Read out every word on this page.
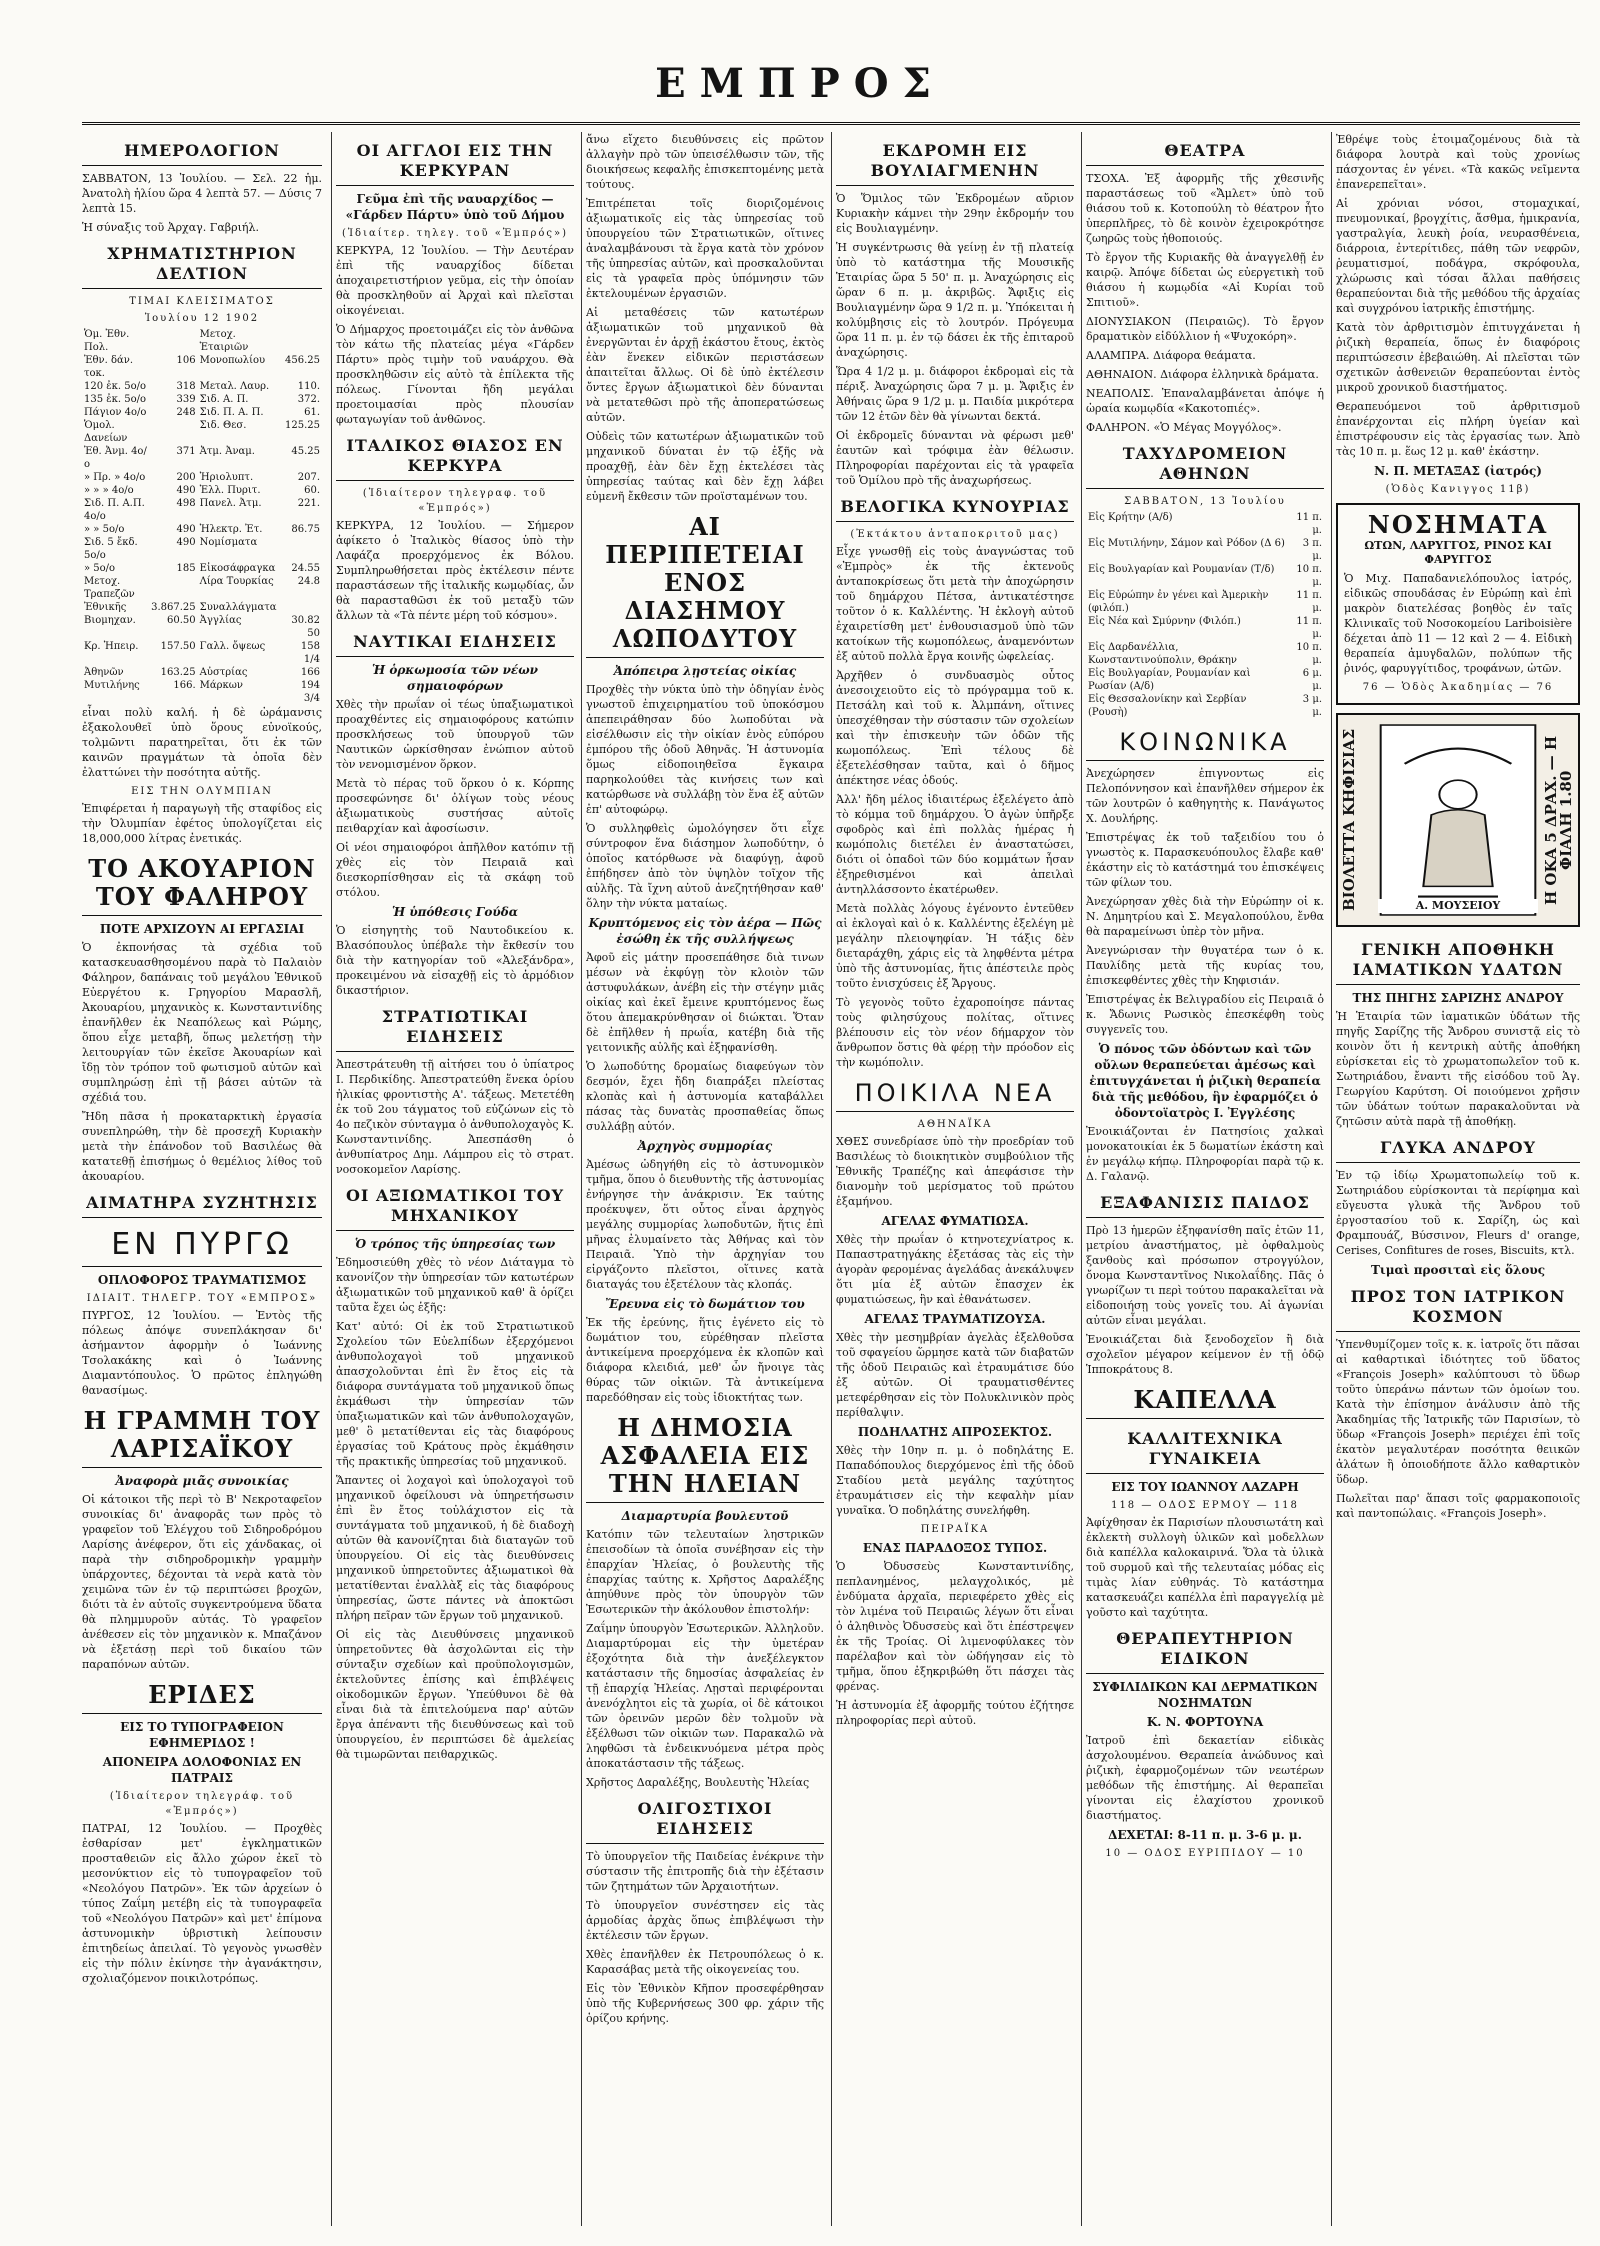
ΕΜΠΡΟΣ
ΗΜΕΡΟΛΟΓΙΟΝ

ΣΑΒΒΑΤΟΝ, 13 Ἰουλίου. — Σελ. 22 ἡμ. Ἀνατολὴ ἡλίου ὥρα 4 λεπτὰ 57. — Δύσις 7 λεπτὰ 15.

Ἡ σύναξις τοῦ Ἀρχαγ. Γαβριήλ.

ΧΡΗΜΑΤΙΣΤΗΡΙΟΝ ΔΕΛΤΙΟΝ
ΤΙΜΑΙ ΚΛΕΙΣΙΜΑΤΟΣ
Ἰουλίου 12 1902
Ὁμ. Ἐθν. Πολ.		Μετοχ. Ἑταιριῶν	
Ἐθν. δάν. τοκ.	106	Μονοπωλίου	456.25
120 ἐκ. 5ο/ο	318	Μεταλ. Λαυρ.	110.
135 ἐκ. 5ο/ο	339	Σιδ. Α. Π.	372.
Πάγιον 4ο/ο	248	Σιδ. Π. Α. Π.	61.
Ὁμολ. Δανείων		Σιδ. Θεσ.	125.25
Ἐθ. Ἀνμ. 4ο/ο	371	Ἀτμ. Ἀναμ.	45.25
» Πρ. » 4ο/ο	200	Ἠριολυπτ.	207.
» » » 4ο/ο	490	Ἐλλ. Πυριτ.	60.
Σιδ. Π. Α.Π. 4ο/ο	498	Πανελ. Ἀτμ.	221.
» » 5ο/ο	490	Ἠλεκτρ. Ἐτ.	86.75
Σιδ. 5 ἔκδ. 5ο/ο	490	Νομίσματα	
» 5ο/ο	185	Εἰκοσάφραγκα	24.55
Μετοχ. Τραπεζῶν		Λίρα Τουρκίας	24.8
Ἐθνικῆς	3.867.25	Συναλλάγματα	
Βιομηχαν.	60.50	Ἀγγλίας	30.82 50
Κρ. Ἠπειρ.	157.50	Γαλλ. ὄψεως	158 1/4
Ἀθηνῶν	163.25	Αὐστρίας	166
Μυτιλήνης	166.	Μάρκων	194 3/4

εἶναι πολὺ καλή. ἡ δὲ ὡράμανσις ἐξακολουθεῖ ὑπὸ ὅρους εὐνοϊκούς, τολμῶντι παρατηρεῖται, ὅτι ἐκ τῶν καινῶν πραγμάτων τὰ ὁποῖα δὲν ἐλαττώνει τὴν ποσότητα αὐτῆς.

ΕΙΣ ΤΗΝ ΟΛΥΜΠΙΑΝ

Ἐπιφέρεται ἡ παραγωγὴ τῆς σταφίδος εἰς τὴν Ὀλυμπίαν ἐφέτος ὑπολογίζεται εἰς 18,000,000 λίτρας ἐνετικάς.

ΤΟ ΑΚΟΥΑΡΙΟΝ ΤΟΥ ΦΑΛΗΡΟΥ
ΠΟΤΕ ΑΡΧΙΖΟΥΝ ΑΙ ΕΡΓΑΣΙΑΙ

Ὁ ἐκπονήσας τὰ σχέδια τοῦ κατασκευασθησομένου παρὰ τὸ Παλαιὸν Φάληρον, δαπάναις τοῦ μεγάλου Ἐθνικοῦ Εὐεργέτου κ. Γρηγορίου Μαρασλῆ, Ἀκουαρίου, μηχανικὸς κ. Κωνσταντινίδης ἐπανῆλθεν ἐκ Νεαπόλεως καὶ Ρώμης, ὅπου εἶχε μεταβῆ, ὅπως μελετήσῃ τὴν λειτουργίαν τῶν ἐκεῖσε Ἀκουαρίων καὶ ἴδῃ τὸν τρόπον τοῦ φωτισμοῦ αὐτῶν καὶ συμπληρώσῃ ἐπὶ τῇ βάσει αὐτῶν τὰ σχέδιά του.

Ἤδη πᾶσα ἡ προκαταρκτικὴ ἐργασία συνεπληρώθη, τὴν δὲ προσεχῆ Κυριακὴν μετὰ τὴν ἐπάνοδον τοῦ Βασιλέως θὰ κατατεθῇ ἐπισήμως ὁ θεμέλιος λίθος τοῦ ἀκουαρίου.

ΑΙΜΑΤΗΡΑ ΣΥΖΗΤΗΣΙΣ
ΕΝ ΠΥΡΓΩ
ΟΠΛΟΦΟΡΟΣ ΤΡΑΥΜΑΤΙΣΜΟΣ
ΙΔΙΑΙΤ. ΤΗΛΕΓΡ. ΤΟΥ «ΕΜΠΡΟΣ»

ΠΥΡΓΟΣ, 12 Ἰουλίου. — Ἐντὸς τῆς πόλεως ἀπόψε συνεπλάκησαν δι' ἀσήμαντον ἀφορμὴν ὁ Ἰωάννης Τσολακάκης καὶ ὁ Ἰωάννης Διαμαντόπουλος. Ὁ πρῶτος ἐπληγώθη θανασίμως.

Η ΓΡΑΜΜΗ ΤΟΥ ΛΑΡΙΣΑΪΚΟΥ
Ἀναφορὰ μιᾶς συνοικίας

Οἱ κάτοικοι τῆς περὶ τὸ Β' Νεκροταφεῖον συνοικίας δι' ἀναφορᾶς των πρὸς τὸ γραφεῖον τοῦ Ἐλέγχου τοῦ Σιδηροδρόμου Λαρίσης ἀνέφερον, ὅτι εἰς χάνδακας, οἱ παρὰ τὴν σιδηροδρομικὴν γραμμὴν ὑπάρχοντες, δέχονται τὰ νερὰ κατὰ τὸν χειμῶνα τῶν ἐν τῷ περιπτώσει βροχῶν, διότι τὰ ἐν αὐτοῖς συγκεντρούμενα ὕδατα θὰ πλημμυροῦν αὐτάς. Τὸ γραφεῖον ἀνέθεσεν εἰς τὸν μηχανικὸν κ. Μπαζάνον νὰ ἐξετάσῃ περὶ τοῦ δικαίου τῶν παραπόνων αὐτῶν.

ΕΡΙΔΕΣ
ΕΙΣ ΤΟ ΤΥΠΟΓΡΑΦΕΙΟΝ ΕΦΗΜΕΡΙΔΟΣ !
ΑΠΟΝΕΙΡΑ ΔΟΛΟΦΟΝΙΑΣ ΕΝ ΠΑΤΡΑΙΣ
(Ἰδιαίτερον τηλεγράφ. τοῦ «Ἐμπρός»)

ΠΑΤΡΑΙ, 12 Ἰουλίου. — Προχθὲς ἐσθαρίσαν μετ' ἐγκληματικῶν προσταθειῶν εἰς ἄλλο χώρον ἐκεῖ τὸ μεσονύκτιον εἰς τὸ τυπογραφεῖον τοῦ «Νεολόγου Πατρῶν». Ἐκ τῶν ἀρχείων ὁ τύπος Ζαΐμη μετέβη εἰς τὰ τυπογραφεῖα τοῦ «Νεολόγου Πατρῶν» καὶ μετ' ἐπίμονα ἀστυνομικὴν ὑβριστικὴ λείπουσιν ἐπιτηδείως ἀπειλαί. Τὸ γεγονὸς γνωσθὲν εἰς τὴν πόλιν ἐκίνησε τὴν ἀγανάκτησιν, σχολιαζόμενον ποικιλοτρόπως.

ΟΙ ΑΓΓΛΟΙ ΕΙΣ ΤΗΝ ΚΕΡΚΥΡΑΝ
Γεῦμα ἐπὶ τῆς ναυαρχίδος — «Γάρδεν Πάρτυ» ὑπὸ τοῦ Δήμου
(Ἰδιαίτερ. τηλεγ. τοῦ «Ἐμπρός»)

ΚΕΡΚΥΡΑ, 12 Ἰουλίου. — Τὴν Δευτέραν ἐπὶ τῆς ναυαρχίδος δίδεται ἀποχαιρετιστήριον γεῦμα, εἰς τὴν ὁποίαν θὰ προσκληθοῦν αἱ Ἀρχαὶ καὶ πλεῖσται οἰκογένειαι.

Ὁ Δήμαρχος προετοιμάζει εἰς τὸν ἀνθῶνα τὸν κάτω τῆς πλατείας μέγα «Γάρδεν Πάρτυ» πρὸς τιμὴν τοῦ ναυάρχου. Θὰ προσκληθῶσιν εἰς αὐτὸ τὰ ἐπίλεκτα τῆς πόλεως. Γίνονται ἤδη μεγάλαι προετοιμασίαι πρὸς πλουσίαν φωταγωγίαν τοῦ ἀνθῶνος.

ΙΤΑΛΙΚΟΣ ΘΙΑΣΟΣ ΕΝ ΚΕΡΚΥΡΑ
(Ἰδιαίτερον τηλεγραφ. τοῦ «Ἐμπρός»)

ΚΕΡΚΥΡΑ, 12 Ἰουλίου. — Σήμερον ἀφίκετο ὁ Ἰταλικὸς θίασος ὑπὸ τὴν Λαφάζα προερχόμενος ἐκ Βόλου. Συμπληρωθήσεται πρὸς ἐκτέλεσιν πέντε παραστάσεων τῆς ἰταλικῆς κωμῳδίας, ὧν θὰ παρασταθῶσι ἐκ τοῦ μεταξὺ τῶν ἄλλων τὰ «Τὰ πέντε μέρη τοῦ κόσμου».

ΝΑΥΤΙΚΑΙ ΕΙΔΗΣΕΙΣ
Ἡ ὁρκωμοσία τῶν νέων σημαιοφόρων

Χθὲς τὴν πρωΐαν οἱ τέως ὑπαξιωματικοὶ προαχθέντες εἰς σημαιοφόρους κατώπιν προσκλήσεως τοῦ ὑπουργοῦ τῶν Ναυτικῶν ὡρκίσθησαν ἐνώπιον αὐτοῦ τὸν νενομισμένον ὅρκον.

Μετὰ τὸ πέρας τοῦ ὅρκου ὁ κ. Κόρπης προσεφώνησε δι' ὀλίγων τοὺς νέους ἀξιωματικοὺς συστήσας αὐτοῖς πειθαρχίαν καὶ ἀφοσίωσιν.

Οἱ νέοι σημαιοφόροι ἀπῆλθον κατόπιν τῇ χθὲς εἰς τὸν Πειραιᾶ καὶ διεσκορπίσθησαν εἰς τὰ σκάφη τοῦ στόλου.

Ἡ ὑπόθεσις Γούδα

Ὁ εἰσηγητὴς τοῦ Ναυτοδικείου κ. Βλασόπουλος ὑπέβαλε τὴν ἔκθεσίν του διὰ τὴν κατηγορίαν τοῦ «Ἀλεξάνδρα», προκειμένου νὰ εἰσαχθῇ εἰς τὸ ἁρμόδιον δικαστήριον.

ΣΤΡΑΤΙΩΤΙΚΑΙ ΕΙΔΗΣΕΙΣ

Ἀπεστράτευθη τῇ αἰτήσει του ὁ ὑπίατρος Ι. Περδικίδης. Ἀπεστρατεύθη ἕνεκα ὁρίου ἡλικίας φροντιστὴς Α'. τάξεως. Μετετέθη ἐκ τοῦ 2ου τάγματος τοῦ εὐζώνων εἰς τὸ 4ο πεζικὸν σύνταγμα ὁ ἀνθυπολοχαγὸς Κ. Κωνσταντινίδης. Ἀπεσπάσθη ὁ ἀνθυπίατρος Δημ. Λάμπρου εἰς τὸ στρατ. νοσοκομεῖον Λαρίσης.

ΟΙ ΑΞΙΩΜΑΤΙΚΟΙ ΤΟΥ ΜΗΧΑΝΙΚΟΥ
Ὁ τρόπος τῆς ὑπηρεσίας των

Ἐδημοσιεύθη χθὲς τὸ νέον Διάταγμα τὸ κανονίζον τὴν ὑπηρεσίαν τῶν κατωτέρων ἀξιωματικῶν τοῦ μηχανικοῦ καθ' ἃ ὁρίζει ταῦτα ἔχει ὡς ἑξῆς:

Κατ' αὐτό: Οἱ ἐκ τοῦ Στρατιωτικοῦ Σχολείου τῶν Εὐελπίδων ἐξερχόμενοι ἀνθυπολοχαγοὶ τοῦ μηχανικοῦ ἀπασχολοῦνται ἐπὶ ἓν ἔτος εἰς τὰ διάφορα συντάγματα τοῦ μηχανικοῦ ὅπως ἐκμάθωσι τὴν ὑπηρεσίαν τῶν ὑπαξιωματικῶν καὶ τῶν ἀνθυπολοχαγῶν, μεθ' ὃ μετατίθενται εἰς τὰς διαφόρους ἐργασίας τοῦ Κράτους πρὸς ἐκμάθησιν τῆς πρακτικῆς ὑπηρεσίας τοῦ μηχανικοῦ.

Ἅπαντες οἱ λοχαγοὶ καὶ ὑπολοχαγοὶ τοῦ μηχανικοῦ ὀφείλουσι νὰ ὑπηρετήσωσιν ἐπὶ ἓν ἔτος τοὐλάχιστον εἰς τὰ συντάγματα τοῦ μηχανικοῦ, ἡ δὲ διαδοχὴ αὐτῶν θὰ κανονίζηται διὰ διαταγῶν τοῦ ὑπουργείου. Οἱ εἰς τὰς διευθύνσεις μηχανικοῦ ὑπηρετοῦντες ἀξιωματικοὶ θὰ μετατίθενται ἐναλλὰξ εἰς τὰς διαφόρους ὑπηρεσίας, ὥστε πάντες νὰ ἀποκτῶσι πλήρη πεῖραν τῶν ἔργων τοῦ μηχανικοῦ.

Οἱ εἰς τὰς Διευθύνσεις μηχανικοῦ ὑπηρετοῦντες θὰ ἀσχολῶνται εἰς τὴν σύνταξιν σχεδίων καὶ προϋπολογισμῶν, ἐκτελοῦντες ἐπίσης καὶ ἐπιβλέψεις οἰκοδομικῶν ἔργων. Ὑπεύθυνοι δὲ θὰ εἶναι διὰ τὰ ἐπιτελούμενα παρ' αὐτῶν ἔργα ἀπέναντι τῆς διευθύνσεως καὶ τοῦ ὑπουργείου, ἐν περιπτώσει δὲ ἀμελείας θὰ τιμωρῶνται πειθαρχικῶς.

ἄνω εἴχετο διευθύνσεις εἰς πρῶτον ἀλλαγὴν πρὸ τῶν ὑπεισέλθωσιν τῶν, τῆς διοικήσεως κεφαλῆς ἐπισκεπτομένης μετὰ τούτους.

Ἐπιτρέπεται τοῖς διοριζομένοις ἀξιωματικοῖς εἰς τὰς ὑπηρεσίας τοῦ ὑπουργείου τῶν Στρατιωτικῶν, οἵτινες ἀναλαμβάνουσι τὰ ἔργα κατὰ τὸν χρόνον τῆς ὑπηρεσίας αὐτῶν, καὶ προσκαλοῦνται εἰς τὰ γραφεῖα πρὸς ὑπόμνησιν τῶν ἐκτελουμένων ἐργασιῶν.

Αἱ μεταθέσεις τῶν κατωτέρων ἀξιωματικῶν τοῦ μηχανικοῦ θὰ ἐνεργῶνται ἐν ἀρχῇ ἑκάστου ἔτους, ἐκτὸς ἐὰν ἕνεκεν εἰδικῶν περιστάσεων ἀπαιτεῖται ἄλλως. Οἱ δὲ ὑπὸ ἐκτέλεσιν ὄντες ἔργων ἀξιωματικοὶ δὲν δύνανται νὰ μετατεθῶσι πρὸ τῆς ἀποπερατώσεως αὐτῶν.

Οὐδεὶς τῶν κατωτέρων ἀξιωματικῶν τοῦ μηχανικοῦ δύναται ἐν τῷ ἐξῆς νὰ προαχθῇ, ἐὰν δὲν ἔχῃ ἐκτελέσει τὰς ὑπηρεσίας ταύτας καὶ δὲν ἔχῃ λάβει εὐμενῆ ἔκθεσιν τῶν προϊσταμένων του.

ΑΙ ΠΕΡΙΠΕΤΕΙΑΙ ΕΝΟΣ ΔΙΑΣΗΜΟΥ ΛΩΠΟΔΥΤΟΥ
Ἀπόπειρα λῃστείας οἰκίας

Προχθὲς τὴν νύκτα ὑπὸ τὴν ὁδηγίαν ἐνὸς γνωστοῦ ἐπιχειρηματίου τοῦ ὑποκόσμου ἀπεπειράθησαν δύο λωποδύται νὰ εἰσέλθωσιν εἰς τὴν οἰκίαν ἐνὸς εὐπόρου ἐμπόρου τῆς ὁδοῦ Ἀθηνᾶς. Ἡ ἀστυνομία ὅμως εἰδοποιηθεῖσα ἔγκαιρα παρηκολούθει τὰς κινήσεις των καὶ κατώρθωσε νὰ συλλάβῃ τὸν ἕνα ἐξ αὐτῶν ἐπ' αὐτοφώρῳ.

Ὁ συλληφθεὶς ὠμολόγησεν ὅτι εἶχε σύντροφον ἕνα διάσημον λωποδύτην, ὁ ὁποῖος κατόρθωσε νὰ διαφύγῃ, ἀφοῦ ἐπήδησεν ἀπὸ τὸν ὑψηλὸν τοῖχον τῆς αὐλῆς. Τὰ ἴχνη αὐτοῦ ἀνεζητήθησαν καθ' ὅλην τὴν νύκτα ματαίως.

Κρυπτόμενος εἰς τὸν ἀέρα — Πῶς ἐσώθη ἐκ τῆς συλλήψεως

Ἀφοῦ εἰς μάτην προσεπάθησε διὰ τινων μέσων νὰ ἐκφύγῃ τὸν κλοιὸν τῶν ἀστυφυλάκων, ἀνέβη εἰς τὴν στέγην μιᾶς οἰκίας καὶ ἐκεῖ ἔμεινε κρυπτόμενος ἕως ὅτου ἀπεμακρύνθησαν οἱ διώκται. Ὅταν δὲ ἐπῆλθεν ἡ πρωΐα, κατέβη διὰ τῆς γειτονικῆς αὐλῆς καὶ ἐξηφανίσθη.

Ὁ λωποδύτης δρομαίως διαφεύγων τὸν δεσμόν, ἔχει ἤδη διαπράξει πλείστας κλοπὰς καὶ ἡ ἀστυνομία καταβάλλει πάσας τὰς δυνατὰς προσπαθείας ὅπως συλλάβῃ αὐτόν.

Ἀρχηγὸς συμμορίας

Ἀμέσως ὡδηγήθη εἰς τὸ ἀστυνομικὸν τμῆμα, ὅπου ὁ διευθυντὴς τῆς ἀστυνομίας ἐνήργησε τὴν ἀνάκρισιν. Ἐκ ταύτης προέκυψεν, ὅτι οὗτος εἶναι ἀρχηγὸς μεγάλης συμμορίας λωποδυτῶν, ἥτις ἐπὶ μῆνας ἐλυμαίνετο τὰς Ἀθήνας καὶ τὸν Πειραιᾶ. Ὑπὸ τὴν ἀρχηγίαν του εἰργάζοντο πλεῖστοι, οἵτινες κατὰ διαταγάς του ἐξετέλουν τὰς κλοπάς.

Ἔρευνα εἰς τὸ δωμάτιον του

Ἐκ τῆς ἐρεύνης, ἥτις ἐγένετο εἰς τὸ δωμάτιον του, εὑρέθησαν πλεῖστα ἀντικείμενα προερχόμενα ἐκ κλοπῶν καὶ διάφορα κλειδιά, μεθ' ὧν ἤνοιγε τὰς θύρας τῶν οἰκιῶν. Τὰ ἀντικείμενα παρεδόθησαν εἰς τοὺς ἰδιοκτήτας των.

Η ΔΗΜΟΣΙΑ ΑΣΦΑΛΕΙΑ ΕΙΣ ΤΗΝ ΗΛΕΙΑΝ
Διαμαρτυρία βουλευτοῦ

Κατόπιν τῶν τελευταίων ληστρικῶν ἐπεισοδίων τὰ ὁποῖα συνέβησαν εἰς τὴν ἐπαρχίαν Ἠλείας, ὁ βουλευτὴς τῆς ἐπαρχίας ταύτης κ. Χρῆστος Δαραλέξης ἀπηύθυνε πρὸς τὸν ὑπουργὸν τῶν Ἐσωτερικῶν τὴν ἀκόλουθον ἐπιστολήν:

Ζαΐμην ὑπουργὸν Ἐσωτερικῶν. Ἀλληλοῦν. Διαμαρτύρομαι εἰς τὴν ὑμετέραν ἐξοχότητα διὰ τὴν ἀνεξέλεγκτον κατάστασιν τῆς δημοσίας ἀσφαλείας ἐν τῇ ἐπαρχίᾳ Ἠλείας. Λῃσταὶ περιφέρονται ἀνενόχλητοι εἰς τὰ χωρία, οἱ δὲ κάτοικοι τῶν ὀρεινῶν μερῶν δὲν τολμοῦν νὰ ἐξέλθωσι τῶν οἰκιῶν των. Παρακαλῶ νὰ ληφθῶσι τὰ ἐνδεικνυόμενα μέτρα πρὸς ἀποκατάστασιν τῆς τάξεως.

Χρῆστος Δαραλέξης, Βουλευτὴς Ἠλείας

ΟΛΙΓΟΣΤΙΧΟΙ ΕΙΔΗΣΕΙΣ

Τὸ ὑπουργεῖον τῆς Παιδείας ἐνέκρινε τὴν σύστασιν τῆς ἐπιτροπῆς διὰ τὴν ἐξέτασιν τῶν ζητημάτων τῶν Ἀρχαιοτήτων.

Τὸ ὑπουργεῖον συνέστησεν εἰς τὰς ἁρμοδίας ἀρχὰς ὅπως ἐπιβλέψωσι τὴν ἐκτέλεσιν τῶν ἔργων.

Χθὲς ἐπανῆλθεν ἐκ Πετρουπόλεως ὁ κ. Καρασάβας μετὰ τῆς οἰκογενείας του.

Εἰς τὸν Ἐθνικὸν Κῆπον προσεφέρθησαν ὑπὸ τῆς Κυβερνήσεως 300 φρ. χάριν τῆς ὁρίζου κρήνης.

ΕΚΔΡΟΜΗ ΕΙΣ ΒΟΥΛΙΑΓΜΕΝΗΝ

Ὁ Ὅμιλος τῶν Ἐκδρομέων αὔριον Κυριακὴν κάμνει τὴν 29ην ἐκδρομήν του εἰς Βουλιαγμένην.

Ἡ συγκέντρωσις θὰ γείνῃ ἐν τῇ πλατείᾳ ὑπὸ τὸ κατάστημα τῆς Μουσικῆς Ἑταιρίας ὥρα 5 50' π. μ. Ἀναχώρησις εἰς ὥραν 6 π. μ. ἀκριβῶς. Ἄφιξις εἰς Βουλιαγμένην ὥρα 9 1/2 π. μ. Ὑπόκειται ἡ κολύμβησις εἰς τὸ λουτρόν. Πρόγευμα ὥρα 11 π. μ. ἐν τῷ δάσει ἐκ τῆς ἐπιταροῦ ἀναχώρησις.

Ὥρα 4 1/2 μ. μ. διάφοροι ἐκδρομαὶ εἰς τὰ πέριξ. Ἀναχώρησις ὥρα 7 μ. μ. Ἄφιξις ἐν Ἀθήναις ὥρα 9 1/2 μ. μ. Παιδία μικρότερα τῶν 12 ἐτῶν δὲν θὰ γίνωνται δεκτά.

Οἱ ἐκδρομεῖς δύνανται νὰ φέρωσι μεθ' ἑαυτῶν καὶ τρόφιμα ἐὰν θέλωσιν. Πληροφορίαι παρέχονται εἰς τὰ γραφεῖα τοῦ Ὁμίλου πρὸ τῆς ἀναχωρήσεως.

ΒΕΛΟΓΙΚΑ ΚΥΝΟΥΡΙΑΣ
(Ἐκτάκτου ἀνταποκριτοῦ μας)

Εἶχε γνωσθῇ εἰς τοὺς ἀναγνώστας τοῦ «Ἐμπρὸς» ἐκ τῆς ἐκτενοῦς ἀνταποκρίσεως ὅτι μετὰ τὴν ἀποχώρησιν τοῦ δημάρχου Πέτσα, ἀντικατέστησε τοῦτον ὁ κ. Καλλέντης. Ἡ ἐκλογὴ αὐτοῦ ἐχαιρετίσθη μετ' ἐνθουσιασμοῦ ὑπὸ τῶν κατοίκων τῆς κωμοπόλεως, ἀναμενόντων ἐξ αὐτοῦ πολλὰ ἔργα κοινῆς ὠφελείας.

Ἀρχῆθεν ὁ συνδυασμὸς οὗτος ἀνεσοιχειοῦτο εἰς τὸ πρόγραμμα τοῦ κ. Πετσάλη καὶ τοῦ κ. Ἀλμπάνη, οἵτινες ὑπεσχέθησαν τὴν σύστασιν τῶν σχολείων καὶ τὴν ἐπισκευὴν τῶν ὁδῶν τῆς κωμοπόλεως. Ἐπὶ τέλους δὲ ἐξετελέσθησαν ταῦτα, καὶ ὁ δῆμος ἀπέκτησε νέας ὁδούς.

Ἀλλ' ἤδη μέλος ἰδιαιτέρως ἐξελέγετο ἀπὸ τὸ κόμμα τοῦ δημάρχου. Ὁ ἀγὼν ὑπῆρξε σφοδρὸς καὶ ἐπὶ πολλὰς ἡμέρας ἡ κωμόπολις διετέλει ἐν ἀναστατώσει, διότι οἱ ὀπαδοὶ τῶν δύο κομμάτων ἦσαν ἐξηρεθισμένοι καὶ ἀπειλαὶ ἀντηλλάσσοντο ἑκατέρωθεν.

Μετὰ πολλὰς λόγους ἐγένοντο ἐντεῦθεν αἱ ἐκλογαὶ καὶ ὁ κ. Καλλέντης ἐξελέγη μὲ μεγάλην πλειοψηφίαν. Ἡ τάξις δὲν διεταράχθη, χάρις εἰς τὰ ληφθέντα μέτρα ὑπὸ τῆς ἀστυνομίας, ἥτις ἀπέστειλε πρὸς τοῦτο ἐνισχύσεις ἐξ Ἄργους.

Τὸ γεγονὸς τοῦτο ἐχαροποίησε πάντας τοὺς φιλησύχους πολίτας, οἵτινες βλέπουσιν εἰς τὸν νέον δήμαρχον τὸν ἄνθρωπον ὅστις θὰ φέρῃ τὴν πρόοδον εἰς τὴν κωμόπολιν.

ΠΟΙΚΙΛΑ ΝΕΑ
ΑΘΗΝΑΪΚΑ

ΧΘΕΣ συνεδρίασε ὑπὸ τὴν προεδρίαν τοῦ Βασιλέως τὸ διοικητικὸν συμβούλιον τῆς Ἐθνικῆς Τραπέζης καὶ ἀπεφάσισε τὴν διανομὴν τοῦ μερίσματος τοῦ πρώτου ἑξαμήνου.

ΑΓΕΛΑΣ ΦΥΜΑΤΙΩΣΑ.

Χθὲς τὴν πρωΐαν ὁ κτηνοτεχνίατρος κ. Παπαστρατηγάκης ἐξετάσας τὰς εἰς τὴν ἀγορὰν φερομένας ἀγελάδας ἀνεκάλυψεν ὅτι μία ἐξ αὐτῶν ἔπασχεν ἐκ φυματιώσεως, ἣν καὶ ἐθανάτωσεν.

ΑΓΕΛΑΣ ΤΡΑΥΜΑΤΙΖΟΥΣΑ.

Χθὲς τὴν μεσημβρίαν ἀγελὰς ἐξελθοῦσα τοῦ σφαγείου ὥρμησε κατὰ τῶν διαβατῶν τῆς ὁδοῦ Πειραιῶς καὶ ἐτραυμάτισε δύο ἐξ αὐτῶν. Οἱ τραυματισθέντες μετεφέρθησαν εἰς τὸν Πολυκλινικὸν πρὸς περίθαλψιν.

ΠΟΔΗΛΑΤΗΣ ΑΠΡΟΣΕΚΤΟΣ.

Χθὲς τὴν 10ην π. μ. ὁ ποδηλάτης Ε. Παπαδόπουλος διερχόμενος ἐπὶ τῆς ὁδοῦ Σταδίου μετὰ μεγάλης ταχύτητος ἐτραυμάτισεν εἰς τὴν κεφαλὴν μίαν γυναῖκα. Ὁ ποδηλάτης συνελήφθη.

ΠΕΙΡΑΪΚΑ
ΕΝΑΣ ΠΑΡΑΔΟΞΟΣ ΤΥΠΟΣ.

Ὁ Ὀδυσσεὺς Κωνσταντινίδης, πεπλανημένος, μελαγχολικός, μὲ ἐνδύματα ἀρχαῖα, περιεφέρετο χθὲς εἰς τὸν λιμένα τοῦ Πειραιῶς λέγων ὅτι εἶναι ὁ ἀληθινὸς Ὀδυσσεὺς καὶ ὅτι ἐπέστρεψεν ἐκ τῆς Τροίας. Οἱ λιμενοφύλακες τὸν παρέλαβον καὶ τὸν ὡδήγησαν εἰς τὸ τμῆμα, ὅπου ἐξηκριβώθη ὅτι πάσχει τὰς φρένας.

Ἡ ἀστυνομία ἐξ ἀφορμῆς τούτου ἐζήτησε πληροφορίας περὶ αὐτοῦ.

ΘΕΑΤΡΑ

ΤΣΟΧΑ. Ἐξ ἀφορμῆς τῆς χθεσινῆς παραστάσεως τοῦ «Ἄμλετ» ὑπὸ τοῦ θιάσου τοῦ κ. Κοτοπούλη τὸ θέατρον ἦτο ὑπερπλῆρες, τὸ δὲ κοινὸν ἐχειροκρότησε ζωηρῶς τοὺς ἠθοποιούς.

Τὸ ἔργον τῆς Κυριακῆς θὰ ἀναγγελθῇ ἐν καιρῷ. Ἀπόψε δίδεται ὡς εὐεργετικὴ τοῦ θιάσου ἡ κωμῳδία «Αἱ Κυρίαι τοῦ Σπιτιοῦ».

ΔΙΟΝΥΣΙΑΚΟΝ (Πειραιῶς). Τὸ ἔργον δραματικὸν εἰδύλλιον ἡ «Ψυχοκόρη».

ΑΛΑΜΠΡΑ. Διάφορα θεάματα.

ΑΘΗΝΑΙΟΝ. Διάφορα ἑλληνικὰ δράματα.

ΝΕΑΠΟΛΙΣ. Ἐπαναλαμβάνεται ἀπόψε ἡ ὡραία κωμῳδία «Κακοτοπιές».

ΦΑΛΗΡΟΝ. «Ὁ Μέγας Μογγόλος».

ΤΑΧΥΔΡΟΜΕΙΟΝ ΑΘΗΝΩΝ
ΣΑΒΒΑΤΟΝ, 13 Ἰουλίου
Εἰς Κρήτην (Α/δ)	11 π. μ.
Εἰς Μυτιλήνην, Σάμον καὶ Ρόδον (Δ 6)	3 π. μ.
Εἰς Βουλγαρίαν καὶ Ρουμανίαν (Τ/δ)	10 π. μ.
Εἰς Εὐρώπην ἐν γένει καὶ Ἀμερικὴν (φιλόπ.)	11 π. μ.
Εἰς Νέα καὶ Σμύρνην (Φιλόπ.)	11 π. μ.
Εἰς Δαρδανέλλια, Κωνσταντινούπολιν, Θράκην	10 π. μ.
Εἰς Βουλγαρίαν, Ρουμανίαν καὶ Ρωσίαν (Α/δ)	6 μ. μ.
Εἰς Θεσσαλονίκην καὶ Σερβίαν (Ρουσὴ)	3 μ. μ.
ΚΟΙΝΩΝΙΚΑ

Ἀνεχώρησεν ἐπιγνοντως εἰς Πελοπόννησον καὶ ἐπανῆλθεν σήμερον ἐκ τῶν λουτρῶν ὁ καθηγητὴς κ. Πανάγωτος Χ. Δουλήρης.

Ἐπιστρέψας ἐκ τοῦ ταξειδίου του ὁ γνωστὸς κ. Παρασκευόπουλος ἔλαβε καθ' ἑκάστην εἰς τὸ κατάστημά του ἐπισκέψεις τῶν φίλων του.

Ἀνεχώρησαν χθὲς διὰ τὴν Εὐρώπην οἱ κ. Ν. Δημητρίου καὶ Σ. Μεγαλοπούλου, ἔνθα θὰ παραμείνωσι ὑπὲρ τὸν μῆνα.

Ἀνεγνώρισαν τὴν θυγατέρα των ὁ κ. Παυλίδης μετὰ τῆς κυρίας του, ἐπισκεφθέντες χθὲς τὴν Κηφισιάν.

Ἐπιστρέψας ἐκ Βελιγραδίου εἰς Πειραιᾶ ὁ κ. Ἄδωνις Ρωσικὸς ἐπεσκέφθη τοὺς συγγενεῖς του.

Ὁ πόνος τῶν ὀδόντων καὶ τῶν οὔλων θεραπεύεται ἀμέσως καὶ ἐπιτυγχάνεται ἡ ῥιζικὴ θεραπεία διὰ τῆς μεθόδου, ἣν ἐφαρμόζει ὁ ὀδοντοϊατρὸς Ι. Ἐγγλέσης

Ἐνοικιάζονται ἐν Πατησίοις χαλκαὶ μονοκατοικίαι ἐκ 5 δωματίων ἑκάστη καὶ ἐν μεγάλῳ κήπῳ. Πληροφορίαι παρὰ τῷ κ. Δ. Γαλανῷ.

ΕΞΑΦΑΝΙΣΙΣ ΠΑΙΔΟΣ

Πρὸ 13 ἡμερῶν ἐξηφανίσθη παῖς ἐτῶν 11, μετρίου ἀναστήματος, μὲ ὀφθαλμοὺς ξανθοὺς καὶ πρόσωπον στρογγύλον, ὄνομα Κωνσταντῖνος Νικολαΐδης. Πᾶς ὁ γνωρίζων τι περὶ τούτου παρακαλεῖται νὰ εἰδοποιήσῃ τοὺς γονεῖς του. Αἱ ἀγωνίαι αὐτῶν εἶναι μεγάλαι.

Ἐνοικιάζεται διὰ ξενοδοχεῖον ἢ διὰ σχολεῖον μέγαρον κείμενον ἐν τῇ ὁδῷ Ἱπποκράτους 8.

ΚΑΠΕΛΛΑ
ΚΑΛΛΙΤΕΧΝΙΚΑ ΓΥΝΑΙΚΕΙΑ
ΕΙΣ ΤΟΥ ΙΩΑΝΝΟΥ ΛΑΖΑΡΗ
118 — ΟΔΟΣ ΕΡΜΟΥ — 118

Ἀφίχθησαν ἐκ Παρισίων πλουσιωτάτη καὶ ἐκλεκτὴ συλλογὴ ὑλικῶν καὶ μοδελλων διὰ καπέλλα καλοκαιρινά. Ὅλα τὰ ὑλικὰ τοῦ συρμοῦ καὶ τῆς τελευταίας μόδας εἰς τιμὰς λίαν εὐθηνάς. Τὸ κατάστημα κατασκευάζει καπέλλα ἐπὶ παραγγελίᾳ μὲ γοῦστο καὶ ταχύτητα.

ΘΕΡΑΠΕΥΤΗΡΙΟΝ ΕΙΔΙΚΟΝ
ΣΥΦΙΛΙΔΙΚΩΝ ΚΑΙ ΔΕΡΜΑΤΙΚΩΝ ΝΟΣΗΜΑΤΩΝ
Κ. Ν. ΦΟΡΤΟΥΝΑ

Ἰατροῦ ἐπὶ δεκαετίαν εἰδικὰς ἀσχολουμένου. Θεραπεία ἀνώδυνος καὶ ῥιζικὴ, ἐφαρμοζομένων τῶν νεωτέρων μεθόδων τῆς ἐπιστήμης. Αἱ θεραπεῖαι γίνονται εἰς ἐλαχίστου χρονικοῦ διαστήματος.

ΔΕΧΕΤΑΙ: 8-11 π. μ. 3-6 μ. μ.
10 — ΟΔΟΣ ΕΥΡΙΠΙΔΟΥ — 10

Ἐθρέψε τοὺς ἑτοιμαζομένους διὰ τὰ διάφορα λουτρὰ καὶ τοὺς χρονίως πάσχοντας ἐν γένει. «Τὰ κακῶς νεῖμεντα ἐπανερεπεῖται».

Αἱ χρόνιαι νόσοι, στομαχικαί, πνευμονικαί, βρογχίτις, ἄσθμα, ἡμικρανία, γαστραλγία, λευκὴ ῥοία, νευρασθένεια, διάρροια, ἐντερίτιδες, πάθη τῶν νεφρῶν, ῥευματισμοί, ποδάγρα, σκρόφουλα, χλώρωσις καὶ τόσαι ἄλλαι παθήσεις θεραπεύονται διὰ τῆς μεθόδου τῆς ἀρχαίας καὶ συγχρόνου ἰατρικῆς ἐπιστήμης.

Κατὰ τὸν ἀρθριτισμὸν ἐπιτυγχάνεται ἡ ῥιζικὴ θεραπεία, ὅπως ἐν διαφόροις περιπτώσεσιν ἐβεβαιώθη. Αἱ πλεῖσται τῶν σχετικῶν ἀσθενειῶν θεραπεύονται ἐντὸς μικροῦ χρονικοῦ διαστήματος.

Θεραπευόμενοι τοῦ ἀρθριτισμοῦ ἐπανέρχονται εἰς πλήρη ὑγείαν καὶ ἐπιστρέφουσιν εἰς τὰς ἐργασίας των. Ἀπὸ τὰς 10 π. μ. ἕως 12 μ. καθ' ἑκάστην.

Ν. Π. ΜΕΤΑΞΑΣ (ἰατρός)
(Ὁδὸς Κανιγγος 11β)
ΝΟΣΗΜΑΤΑ
ΩΤΩΝ, ΛΑΡΥΓΓΟΣ, ΡΙΝΟΣ ΚΑΙ ΦΑΡΥΓΓΟΣ

Ὁ Μιχ. Παπαδανιελόπουλος ἰατρός, εἰδικῶς σπουδάσας ἐν Εὐρώπῃ καὶ ἐπὶ μακρὸν διατελέσας βοηθὸς ἐν ταῖς Κλινικαῖς τοῦ Νοσοκομείου Lariboisière δέχεται ἀπὸ 11 — 12 καὶ 2 — 4. Εἰδικὴ θεραπεία ἀμυγδαλῶν, πολύπων τῆς ῥινός, φαρυγγίτιδος, τροφάνων, ὠτῶν.

76 — Ὁδὸς Ἀκαδημίας — 76
ΒΙΟΛΕΤΤΑ ΚΗΦΙΣΙΑΣ	Η ΟΚΑ 5 ΔΡΑΧ. — Η ΦΙΑΛΗ 1.80
Α. ΜΟΥΣΕΙΟΥ
ΓΕΝΙΚΗ ΑΠΟΘΗΚΗ ΙΑΜΑΤΙΚΩΝ ΥΔΑΤΩΝ
ΤΗΣ ΠΗΓΗΣ ΣΑΡΙΖΗΣ ΑΝΔΡΟΥ

Ἡ Ἑταιρία τῶν ἰαματικῶν ὑδάτων τῆς πηγῆς Σαρίζης τῆς Ἄνδρου συνιστᾷ εἰς τὸ κοινὸν ὅτι ἡ κεντρικὴ αὐτῆς ἀποθήκη εὑρίσκεται εἰς τὸ χρωματοπωλεῖον τοῦ κ. Σωτηριάδου, ἔναντι τῆς εἰσόδου τοῦ Ἁγ. Γεωργίου Καρύτση. Οἱ ποιούμενοι χρῆσιν τῶν ὑδάτων τούτων παρακαλοῦνται νὰ ζητῶσιν αὐτὰ παρὰ τῇ ἀποθήκῃ.

ΓΛΥΚΑ ΑΝΔΡΟΥ

Ἐν τῷ ἰδίῳ Χρωματοπωλείῳ τοῦ κ. Σωτηριάδου εὑρίσκονται τὰ περίφημα καὶ εὔγευστα γλυκὰ τῆς Ἄνδρου τοῦ ἐργοστασίου τοῦ κ. Σαρίζη, ὡς καὶ Φραμπουάζ, Βύσσινον, Fleurs d' orange, Cerises, Confitures de roses, Biscuits, κτλ.

Τιμαὶ προσιταὶ εἰς ὅλους
ΠΡΟΣ ΤΟΝ ΙΑΤΡΙΚΟΝ ΚΟΣΜΟΝ

Ὑπενθυμίζομεν τοῖς κ. κ. ἰατροῖς ὅτι πᾶσαι αἱ καθαρτικαὶ ἰδιότητες τοῦ ὕδατος «François Joseph» καλύπτουσι τὸ ὕδωρ τοῦτο ὑπεράνω πάντων τῶν ὁμοίων του. Κατὰ τὴν ἐπίσημον ἀνάλυσιν ἀπὸ τῆς Ἀκαδημίας τῆς Ἰατρικῆς τῶν Παρισίων, τὸ ὕδωρ «François Joseph» περιέχει ἐπὶ τοῖς ἑκατὸν μεγαλυτέραν ποσότητα θειικῶν ἁλάτων ἢ ὁποιοδήποτε ἄλλο καθαρτικὸν ὕδωρ.

Πωλεῖται παρ' ἅπασι τοῖς φαρμακοποιοῖς καὶ παντοπώλαις. «François Joseph».
